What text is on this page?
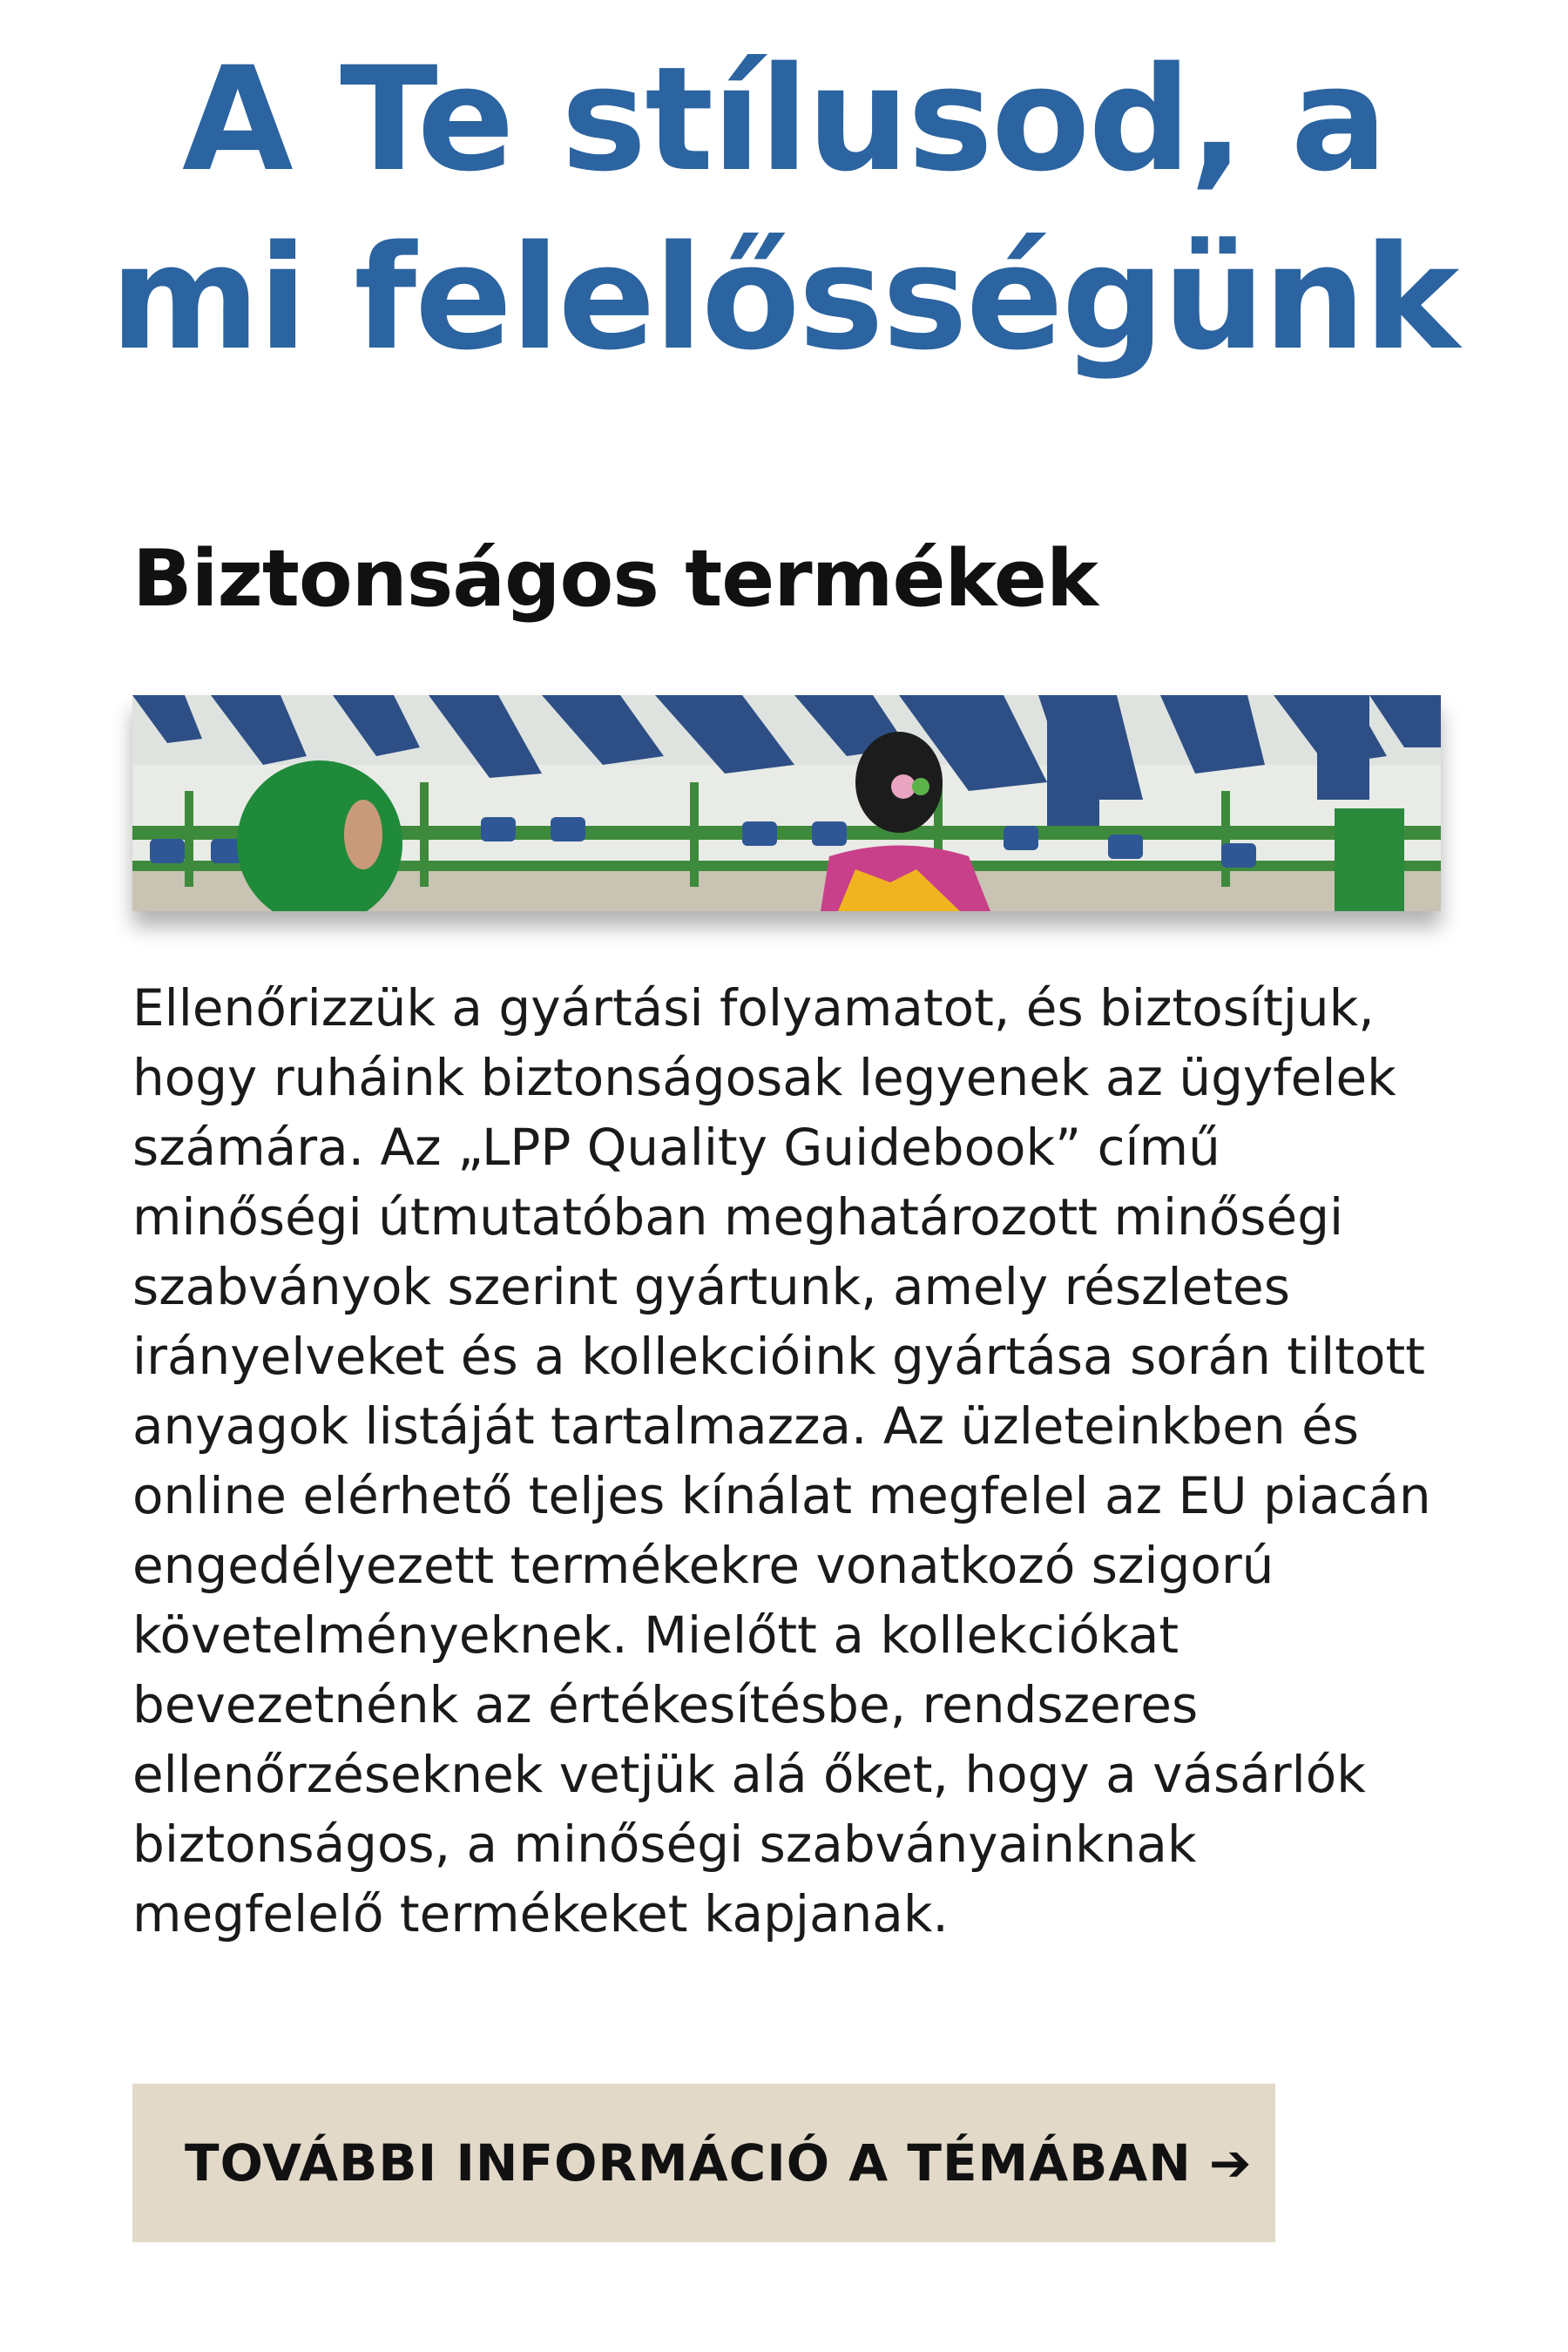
A Te stílusod, a mi felelősségünk
Biztonságos termékek

Ellenőrizzük a gyártási folyamatot, és biztosítjuk, hogy ruháink biztonságosak legyenek az ügyfelek számára. Az „LPP Quality Guidebook” című minőségi útmutatóban meghatározott minőségi szabványok szerint gyártunk, amely részletes irányelveket és a kollekcióink gyártása során tiltott anyagok listáját tartalmazza. Az üzleteinkben és online elérhető teljes kínálat megfelel az EU piacán engedélyezett termékekre vonatkozó szigorú követelményeknek. Mielőtt a kollekciókat bevezetnénk az értékesítésbe, rendszeres ellenőrzéseknek vetjük alá őket, hogy a vásárlók biztonságos, a minőségi szabványainknak megfelelő termékeket kapjanak.

TOVÁBBI INFORMÁCIÓ A TÉMÁBAN ➔
